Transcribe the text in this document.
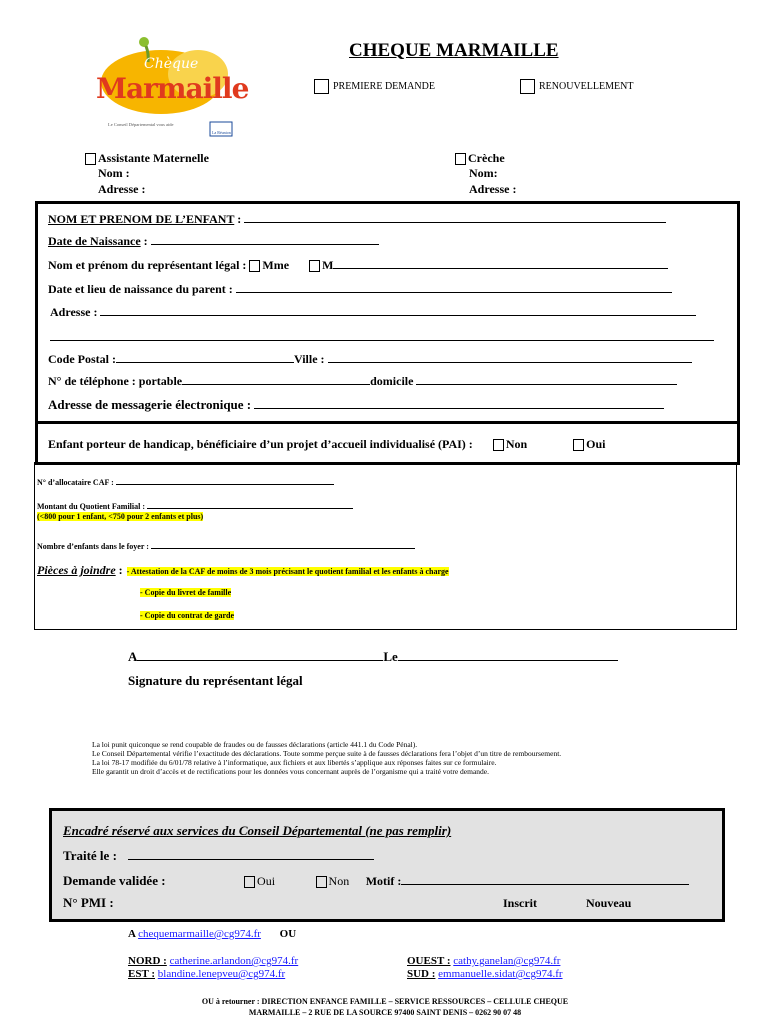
Chèque
Marmaille
Le Conseil Départemental vous aide
La Réunion
CHEQUE MARMAILLE
PREMIERE DEMANDE	RENOUVELLEMENT
Assistante Maternelle
Nom :
Adresse :
Crèche
Nom:
Adresse :
NOM ET PRENOM DE L’ENFANT :
Date de Naissance :
Nom et prénom du représentant légal : Mme	M
Date et lieu de naissance du parent :
Adresse :
Code Postal :	Ville :
N° de téléphone : portable	domicile
Adresse de messagerie électronique :
Enfant porteur de handicap, bénéficiaire d’un projet d’accueil individualisé (PAI) :	Non	Oui
N° d’allocataire CAF :
Montant du Quotient Familial :
(<800 pour 1 enfant, <750 pour 2 enfants et plus)
Nombre d’enfants dans le foyer :
Pièces à joindre : - Attestation de la CAF de moins de 3 mois précisant le quotient familial et les enfants à charge
- Copie du livret de famille
- Copie du contrat de garde
A	Le
Signature du représentant légal
La loi punit quiconque se rend coupable de fraudes ou de fausses déclarations (article 441.1 du Code Pénal).
Le Conseil Départemental vérifie l’exactitude des déclarations. Toute somme perçue suite à de fausses déclarations fera l’objet d’un titre de remboursement.
La loi 78-17 modifiée du 6/01/78 relative à l’informatique, aux fichiers et aux libertés s’applique aux réponses faites sur ce formulaire.
Elle garantit un droit d’accès et de rectifications pour les données vous concernant auprès de l’organisme qui a traité votre demande.
Encadré réservé aux services du Conseil Départemental (ne pas remplir)
Traité le :
Demande validée :	Oui	Non Motif :
N° PMI :	Inscrit	Nouveau
A chequemarmaille@cg974.fr OU
NORD : catherine.arlandon@cg974.fr
EST : blandine.lenepveu@cg974.fr
OUEST : cathy.ganelan@cg974.fr
SUD : emmanuelle.sidat@cg974.fr
OU à retourner : DIRECTION ENFANCE FAMILLE – SERVICE RESSOURCES – CELLULE CHEQUE
MARMAILLE – 2 RUE DE LA SOURCE 97400 SAINT DENIS – 0262 90 07 48
